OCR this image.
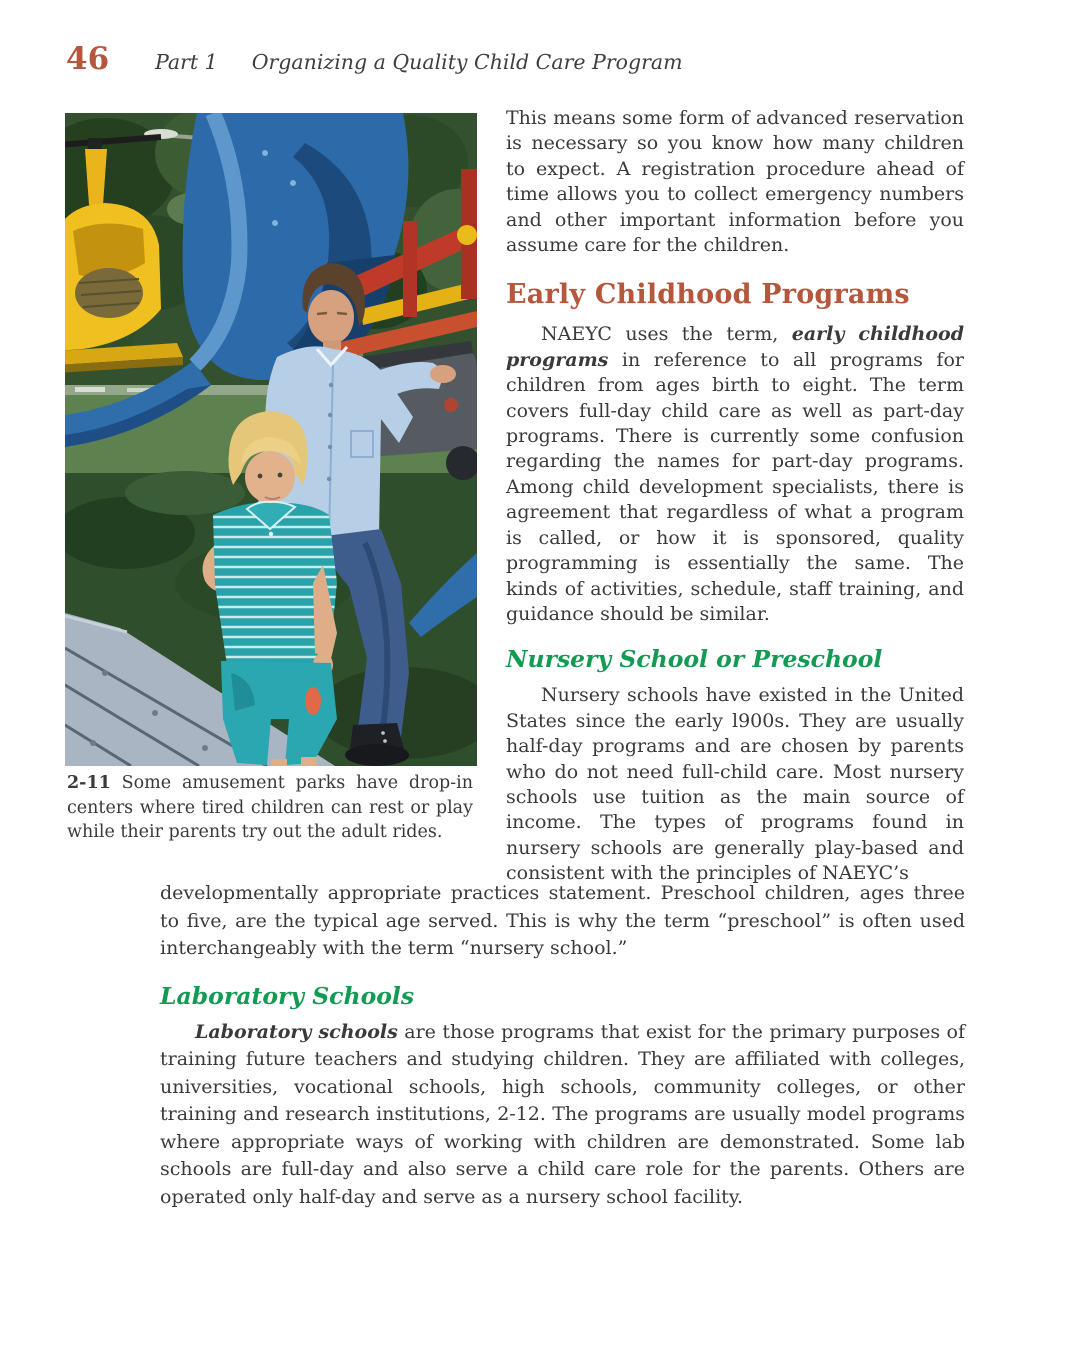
46 Part 1 Organizing a Quality Child Care Program

2-11 Some amusement parks have drop-in centers where tired children can rest or play while their parents try out the adult rides.

This means some form of advanced reservation is necessary so you know how many children to expect. A registration procedure ahead of time allows you to collect emergency numbers and other important information before you assume care for the children.

Early Childhood Programs

NAEYC uses the term, early childhood programs in reference to all programs for children from ages birth to eight. The term covers full-day child care as well as part-day programs. There is currently some confusion regarding the names for part-day programs. Among child development specialists, there is agreement that regardless of what a program is called, or how it is sponsored, quality programming is essentially the same. The kinds of activities, schedule, staff training, and guidance should be similar.

Nursery School or Preschool

Nursery schools have existed in the United States since the early l900s. They are usually half-day programs and are chosen by parents who do not need full-child care. Most nursery schools use tuition as the main source of income. The types of programs found in nursery schools are generally play-based and consistent with the principles of NAEYC’s

developmentally appropriate practices statement. Preschool children, ages three to five, are the typical age served. This is why the term “preschool” is often used interchangeably with the term “nursery school.”

Laboratory Schools

Laboratory schools are those programs that exist for the primary purposes of training future teachers and studying children. They are affiliated with colleges, universities, vocational schools, high schools, community colleges, or other training and research institutions, 2-12. The programs are usually model programs where appropriate ways of working with children are demonstrated. Some lab schools are full-day and also serve a child care role for the parents. Others are operated only half-day and serve as a nursery school facility.
